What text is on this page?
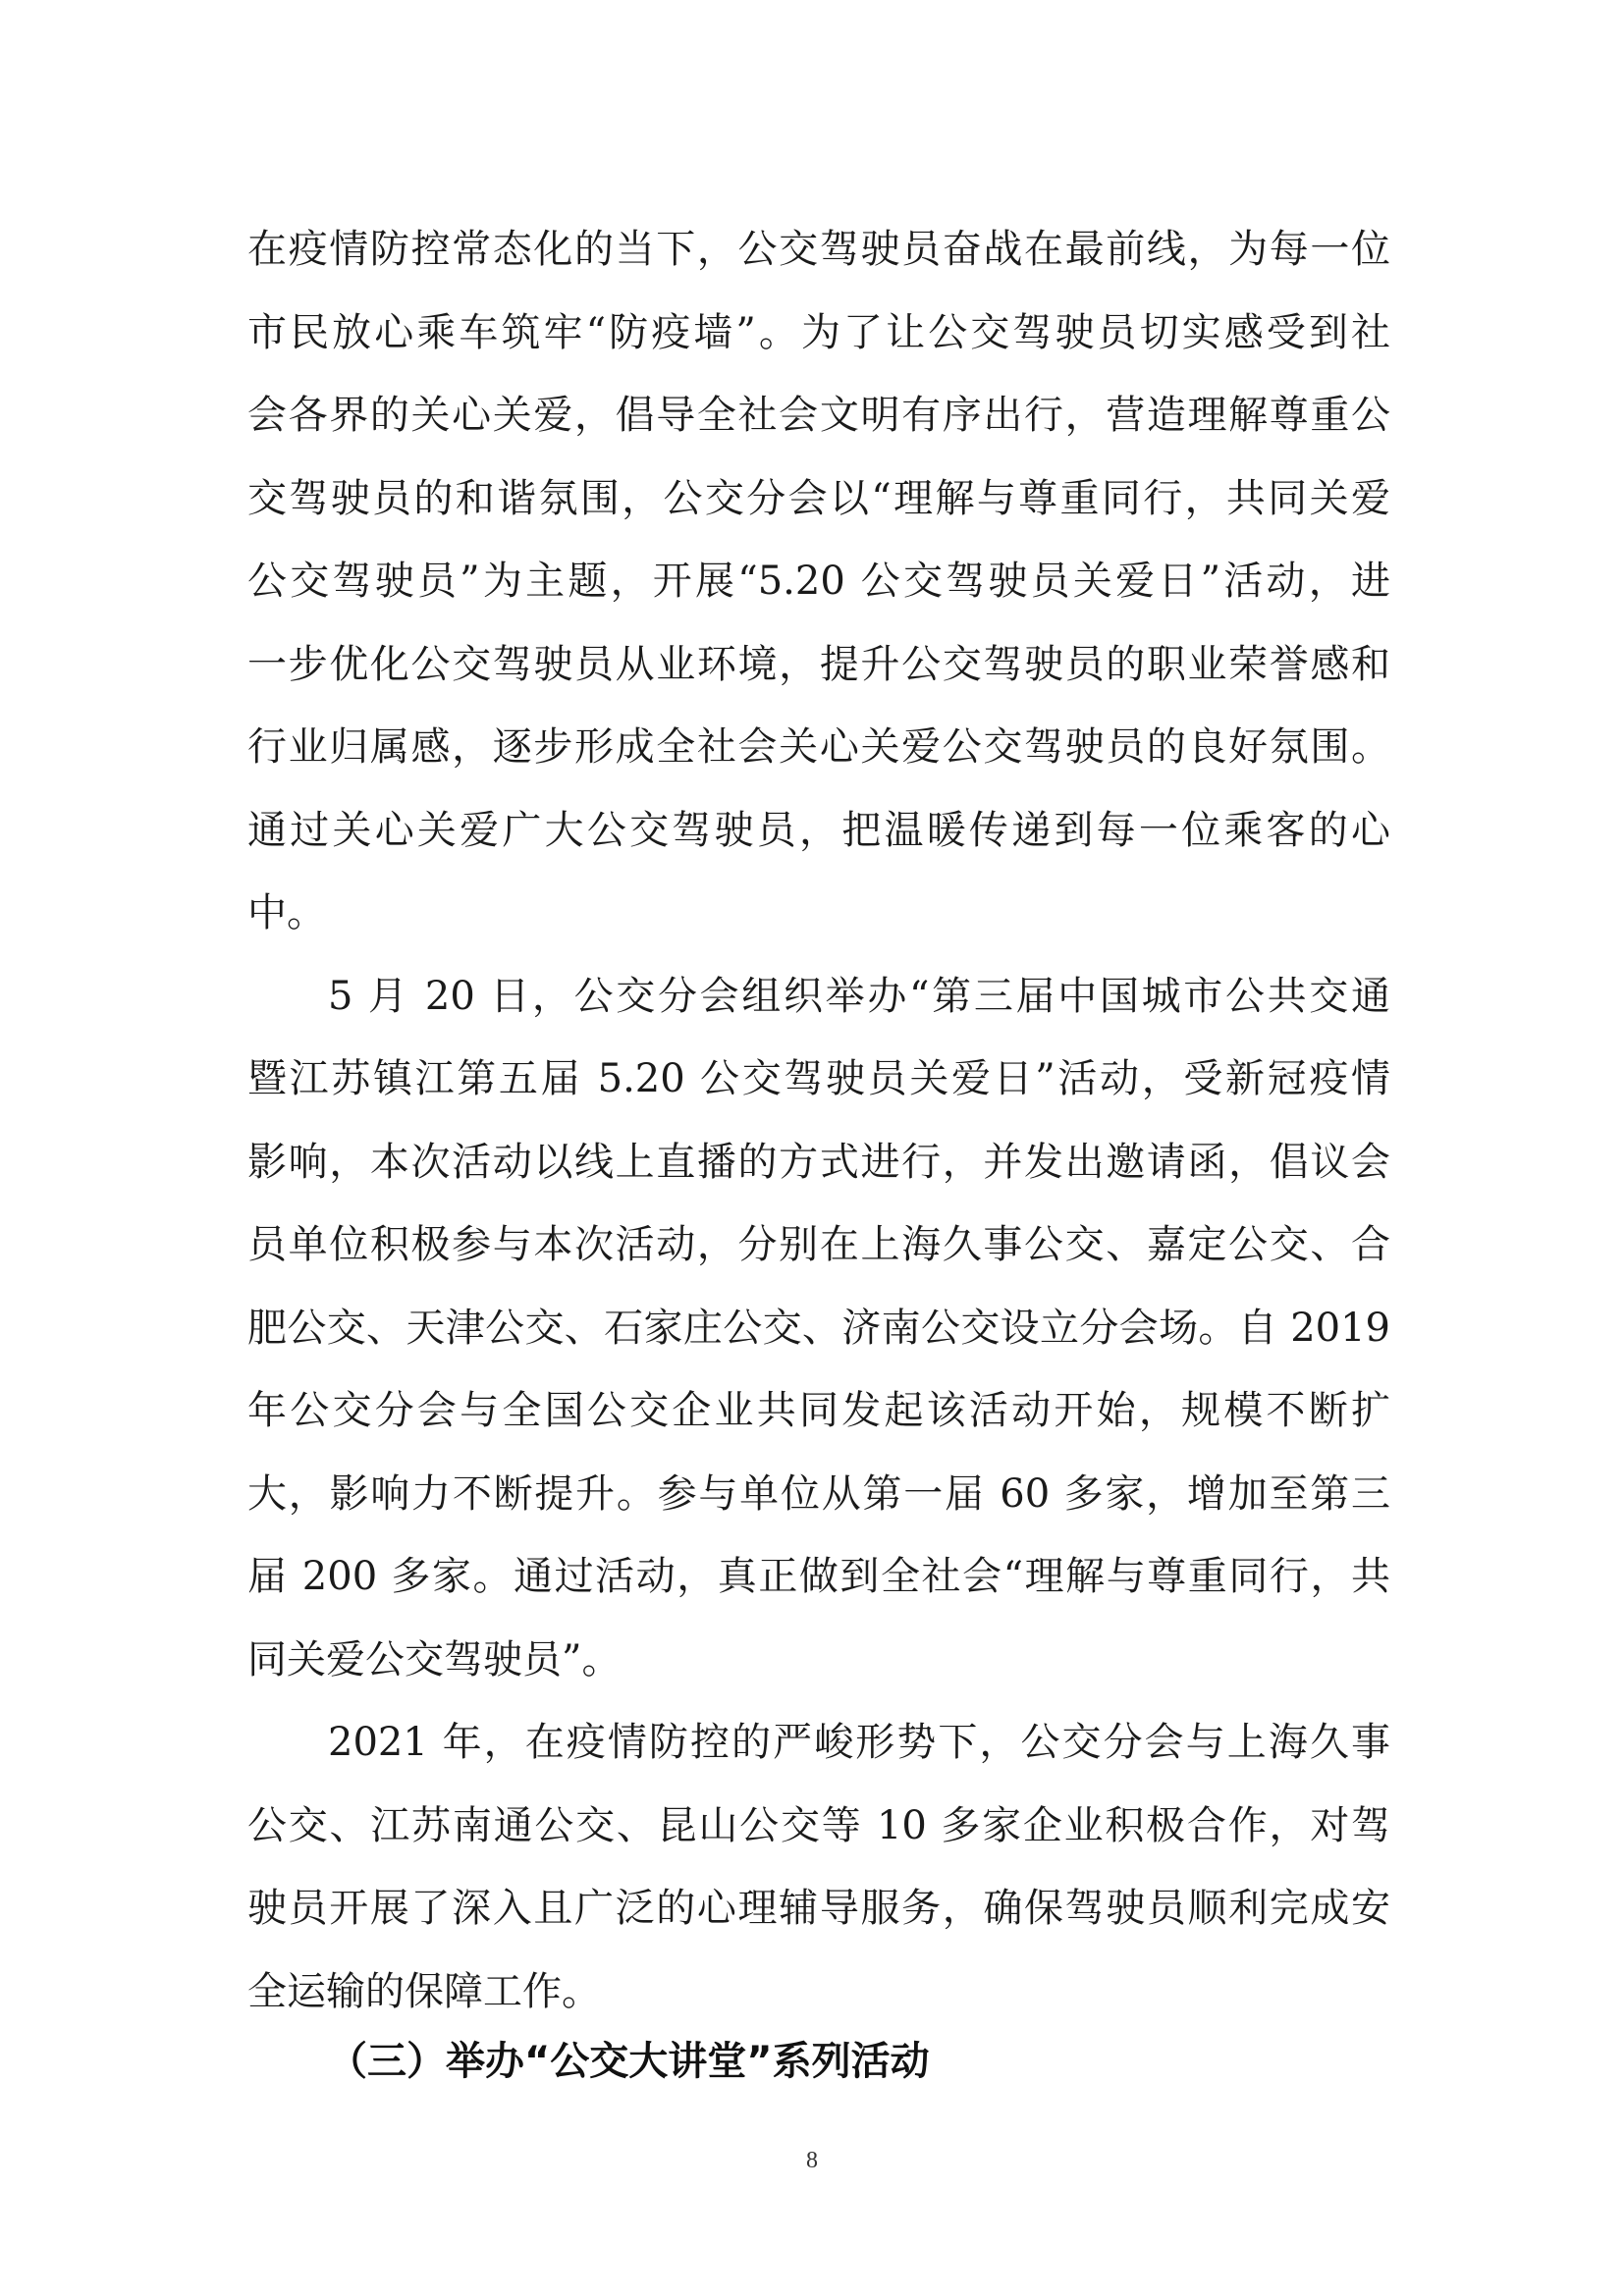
在疫情防控常态化的当下，公交驾驶员奋战在最前线，为每一位
市民放心乘车筑牢“防疫墙”。为了让公交驾驶员切实感受到社
会各界的关心关爱，倡导全社会文明有序出行，营造理解尊重公
交驾驶员的和谐氛围，公交分会以“理解与尊重同行，共同关爱
公交驾驶员”为主题，开展“5.20 公交驾驶员关爱日”活动，进
一步优化公交驾驶员从业环境，提升公交驾驶员的职业荣誉感和
行业归属感，逐步形成全社会关心关爱公交驾驶员的良好氛围。
通过关心关爱广大公交驾驶员，把温暖传递到每一位乘客的心
中。
5 月 20 日，公交分会组织举办“第三届中国城市公共交通
暨江苏镇江第五届 5.20 公交驾驶员关爱日”活动，受新冠疫情
影响，本次活动以线上直播的方式进行，并发出邀请函，倡议会
员单位积极参与本次活动，分别在上海久事公交、嘉定公交、合
肥公交、天津公交、石家庄公交、济南公交设立分会场。自 2019
年公交分会与全国公交企业共同发起该活动开始，规模不断扩
大，影响力不断提升。参与单位从第一届 60 多家，增加至第三
届 200 多家。通过活动，真正做到全社会“理解与尊重同行，共
同关爱公交驾驶员”。
2021 年，在疫情防控的严峻形势下，公交分会与上海久事
公交、江苏南通公交、昆山公交等 10 多家企业积极合作，对驾
驶员开展了深入且广泛的心理辅导服务，确保驾驶员顺利完成安
全运输的保障工作。
（三）举办“公交大讲堂”系列活动
8
